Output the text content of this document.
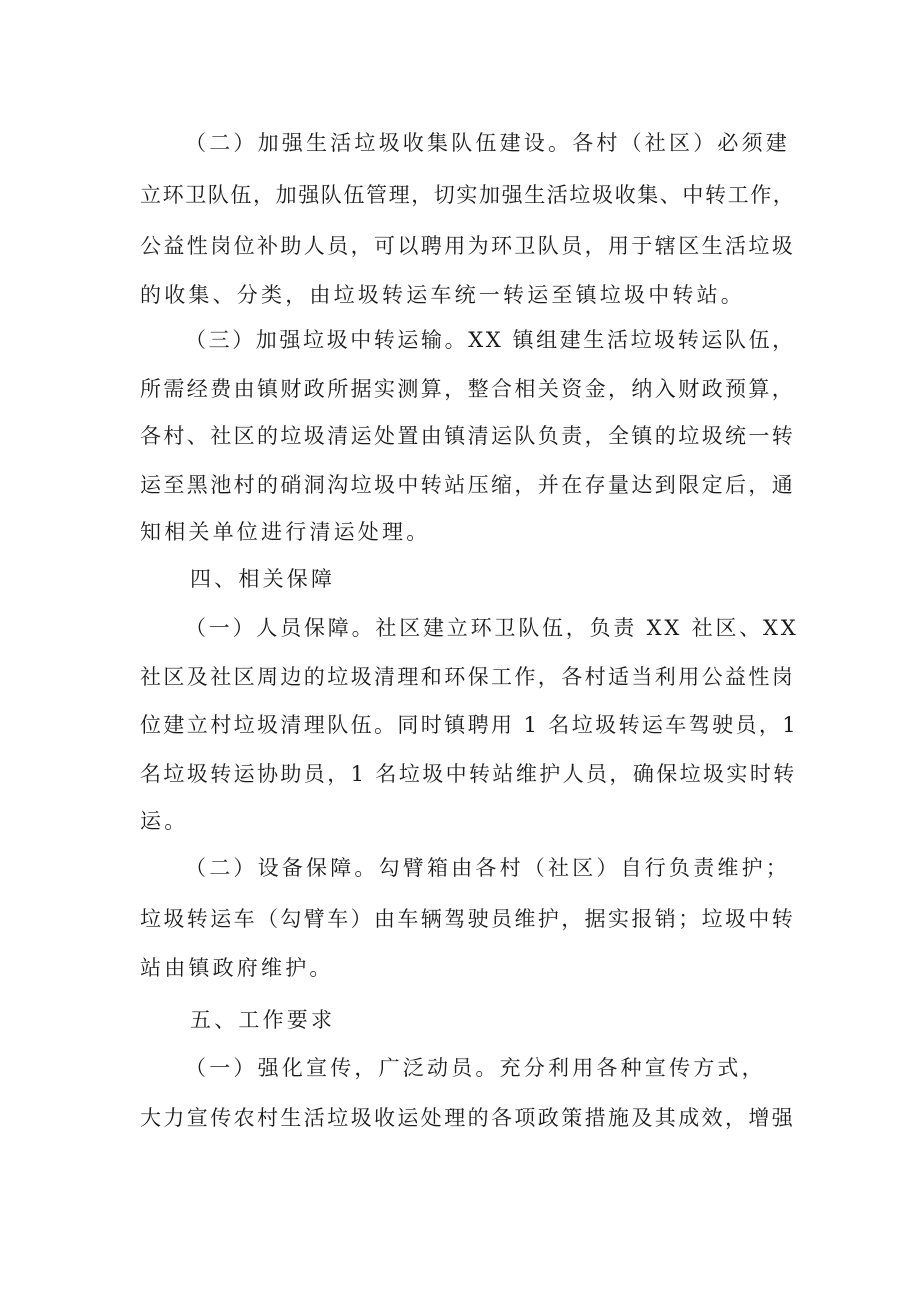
（二）加强生活垃圾收集队伍建设。各村（社区）必须建
立环卫队伍，加强队伍管理，切实加强生活垃圾收集、中转工作，
公益性岗位补助人员，可以聘用为环卫队员，用于辖区生活垃圾
的收集、分类，由垃圾转运车统一转运至镇垃圾中转站。
（三）加强垃圾中转运输。XX 镇组建生活垃圾转运队伍，
所需经费由镇财政所据实测算，整合相关资金，纳入财政预算，
各村、社区的垃圾清运处置由镇清运队负责，全镇的垃圾统一转
运至黑池村的硝洞沟垃圾中转站压缩，并在存量达到限定后，通
知相关单位进行清运处理。
四、相关保障
（一）人员保障。社区建立环卫队伍，负责 XX 社区、XX
社区及社区周边的垃圾清理和环保工作，各村适当利用公益性岗
位建立村垃圾清理队伍。同时镇聘用 1 名垃圾转运车驾驶员，1
名垃圾转运协助员，1 名垃圾中转站维护人员，确保垃圾实时转
运。
（二）设备保障。勾臂箱由各村（社区）自行负责维护；
垃圾转运车（勾臂车）由车辆驾驶员维护，据实报销；垃圾中转
站由镇政府维护。
五、工作要求
（一）强化宣传，广泛动员。充分利用各种宣传方式，
大力宣传农村生活垃圾收运处理的各项政策措施及其成效，增强
